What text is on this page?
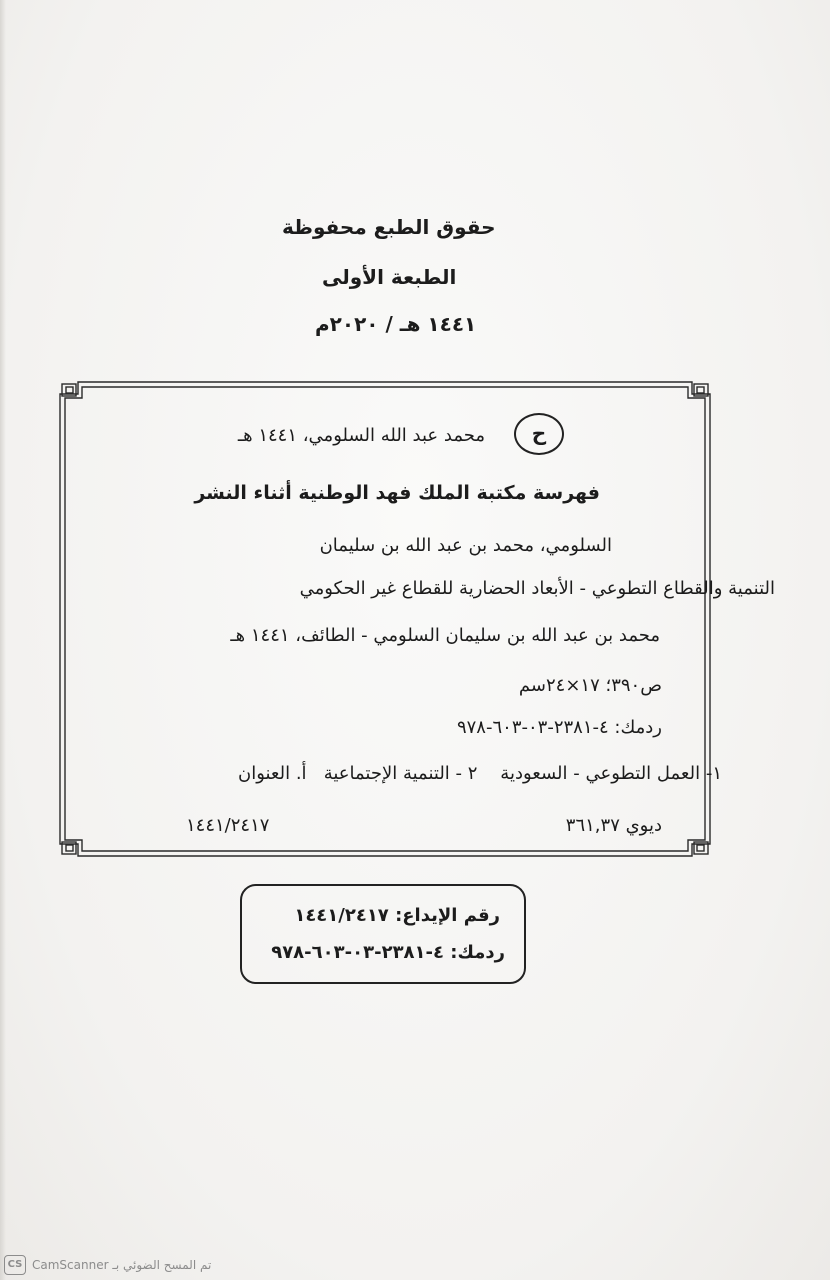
حقوق الطبع محفوظة
الطبعة الأولى
١٤٤١ هـ / ٢٠٢٠م
ح
محمد عبد الله السلومي، ١٤٤١ هـ
فهرسة مكتبة الملك فهد الوطنية أثناء النشر
السلومي، محمد بن عبد الله بن سليمان
التنمية والقطاع التطوعي - الأبعاد الحضارية للقطاع غير الحكومي
محمد بن عبد الله بن سليمان السلومي - الطائف، ١٤٤١ هـ
ص٣٩٠؛ ١٧×٢٤سم
ردمك: ٤-٢٣٨١-٠٣-٦٠٣-٩٧٨
١- العمل التطوعي - السعودية    ٢ - التنمية الإجتماعية   أ. العنوان
ديوي ٣٦١,٣٧
١٤٤١/٢٤١٧
رقم الإيداع: ١٤٤١/٢٤١٧
ردمك: ٤-٢٣٨١-٠٣-٦٠٣-٩٧٨
CS تم المسح الضوئي بـ CamScanner
